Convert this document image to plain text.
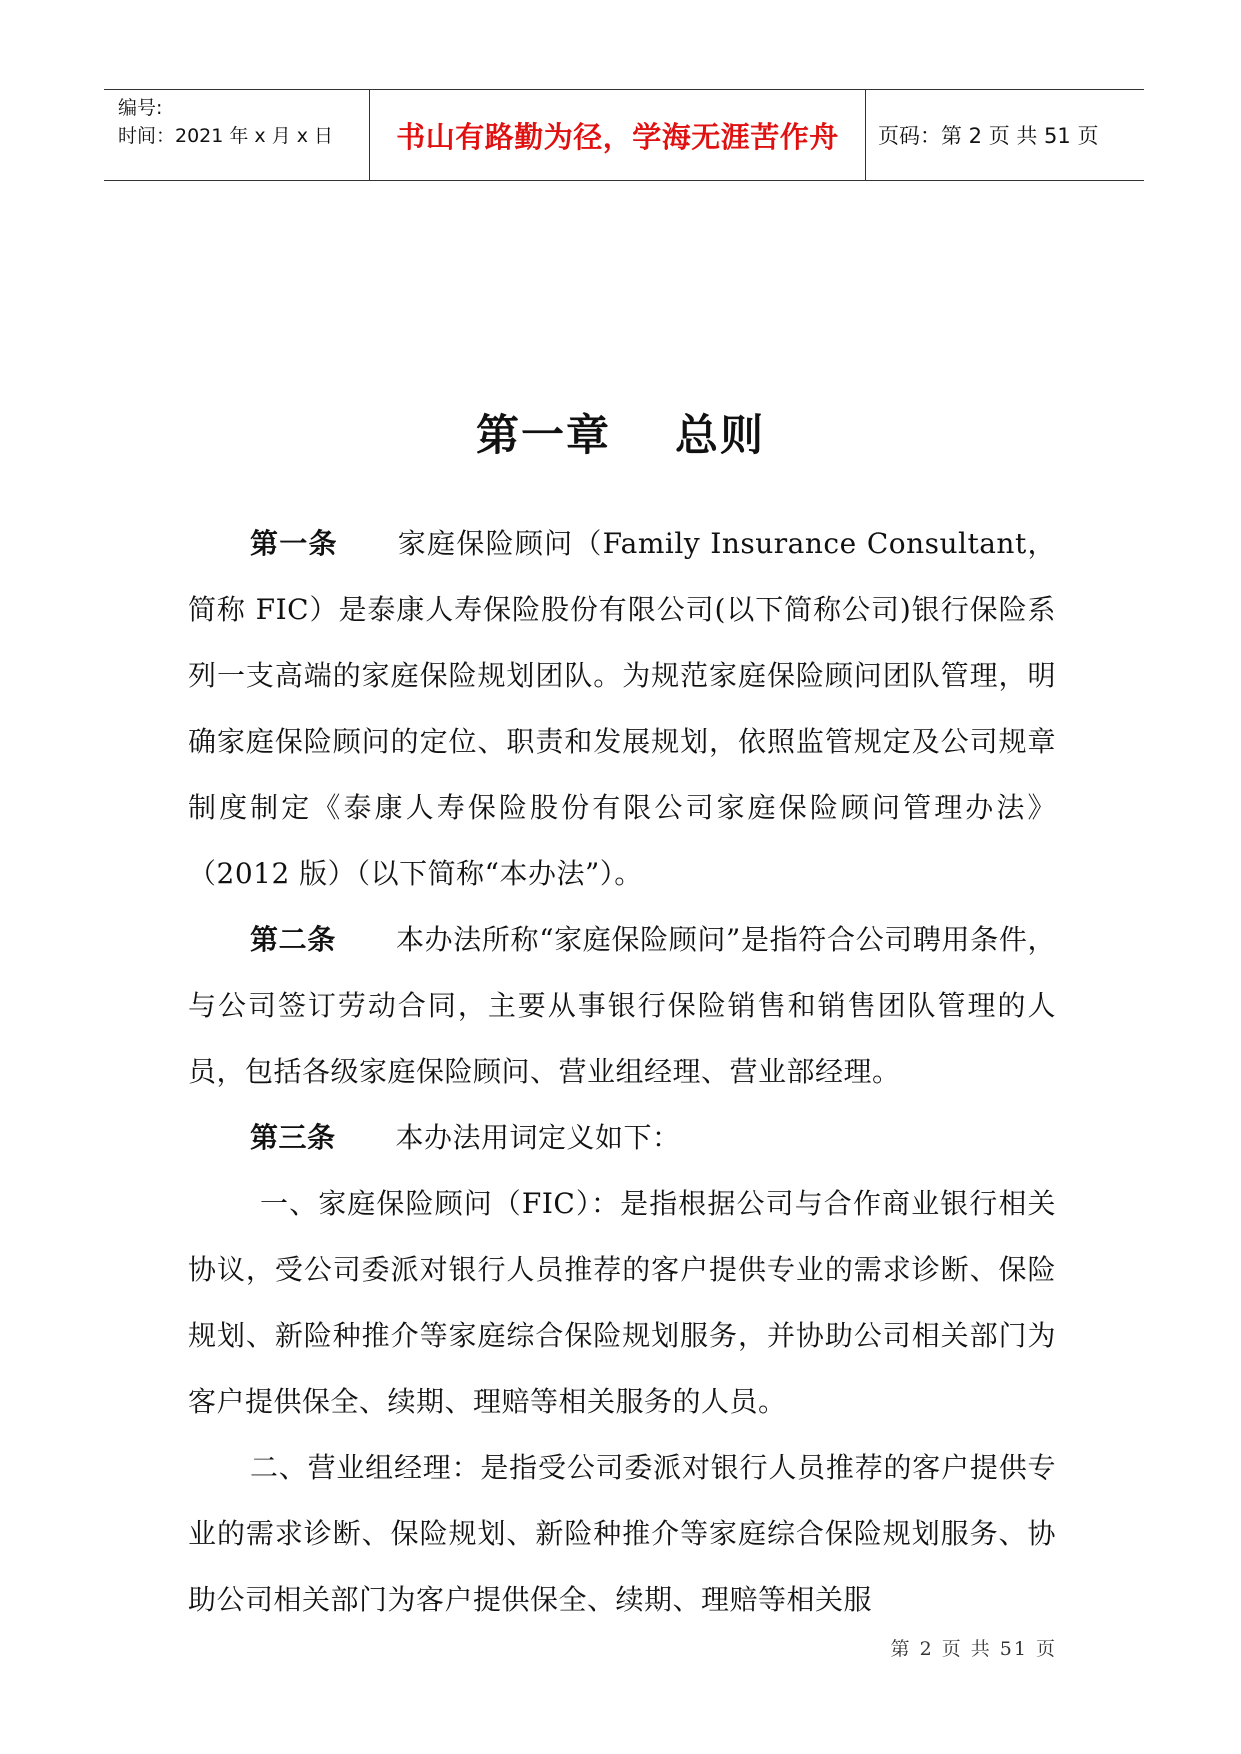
编号:
时间：2021 年 x 月 x 日	书山有路勤为径，学海无涯苦作舟 页码：第 2 页 共 51 页
第一章 总则

第一条 家庭保险顾问（Family Insurance Consultant，简称 FIC）是泰康人寿保险股份有限公司(以下简称公司)银行保险系列一支高端的家庭保险规划团队。为规范家庭保险顾问团队管理，明确家庭保险顾问的定位、职责和发展规划，依照监管规定及公司规章制度制定《泰康人寿保险股份有限公司家庭保险顾问管理办法》（2012 版）（以下简称“本办法”）。

第二条 本办法所称“家庭保险顾问”是指符合公司聘用条件，与公司签订劳动合同，主要从事银行保险销售和销售团队管理的人员，包括各级家庭保险顾问、营业组经理、营业部经理。

第三条 本办法用词定义如下：

一、家庭保险顾问（FIC）：是指根据公司与合作商业银行相关协议，受公司委派对银行人员推荐的客户提供专业的需求诊断、保险规划、新险种推介等家庭综合保险规划服务，并协助公司相关部门为客户提供保全、续期、理赔等相关服务的人员。

二、营业组经理：是指受公司委派对银行人员推荐的客户提供专业的需求诊断、保险规划、新险种推介等家庭综合保险规划服务、协助公司相关部门为客户提供保全、续期、理赔等相关服

第 2 页 共 51 页
